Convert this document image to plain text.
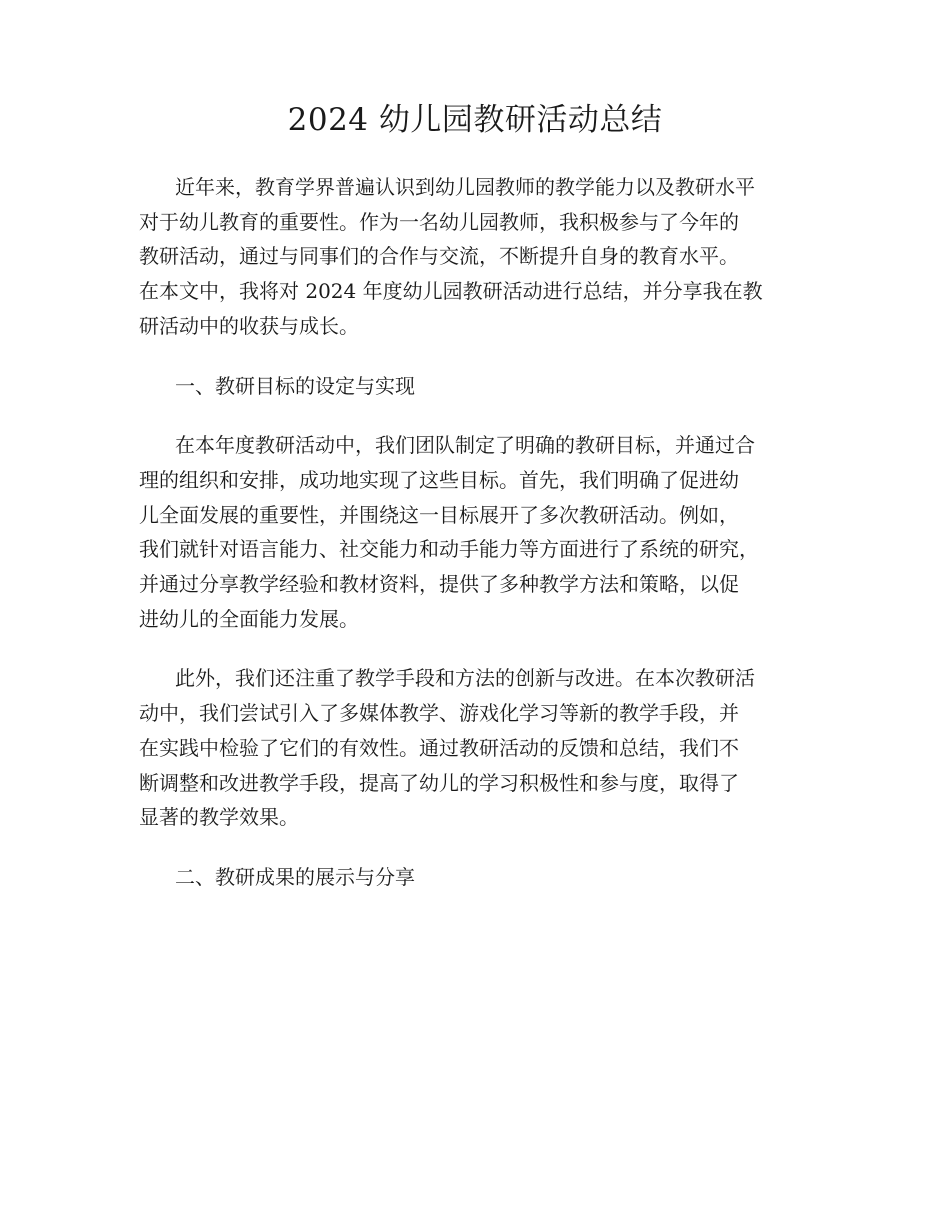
2024 幼儿园教研活动总结

近年来，教育学界普遍认识到幼儿园教师的教学能力以及教研水平
对于幼儿教育的重要性。作为一名幼儿园教师，我积极参与了今年的
教研活动，通过与同事们的合作与交流，不断提升自身的教育水平。
在本文中，我将对 2024 年度幼儿园教研活动进行总结，并分享我在教
研活动中的收获与成长。

一、教研目标的设定与实现

在本年度教研活动中，我们团队制定了明确的教研目标，并通过合
理的组织和安排，成功地实现了这些目标。首先，我们明确了促进幼
儿全面发展的重要性，并围绕这一目标展开了多次教研活动。例如，
我们就针对语言能力、社交能力和动手能力等方面进行了系统的研究，
并通过分享教学经验和教材资料，提供了多种教学方法和策略，以促
进幼儿的全面能力发展。

此外，我们还注重了教学手段和方法的创新与改进。在本次教研活
动中，我们尝试引入了多媒体教学、游戏化学习等新的教学手段，并
在实践中检验了它们的有效性。通过教研活动的反馈和总结，我们不
断调整和改进教学手段，提高了幼儿的学习积极性和参与度，取得了
显著的教学效果。

二、教研成果的展示与分享
